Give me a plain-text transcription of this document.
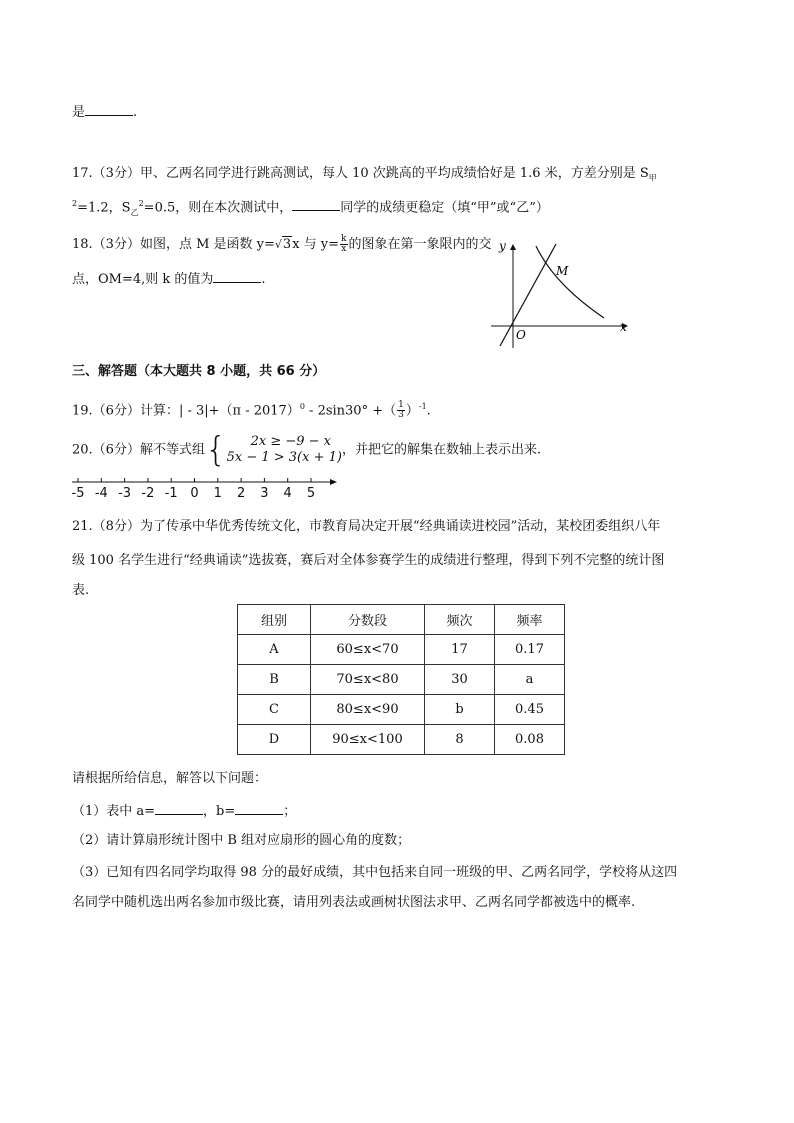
是	.
17.（3分）甲、乙两名同学进行跳高测试，每人 10 次跳高的平均成绩恰好是 1.6 米，方差分别是 $S_甲$
$^2$=1.2，$S_乙^2=0.5$，则在本次测试中，	同学的成绩更稳定（填“甲”或“乙”）
18.（3分）如图，点 M 是函数 y=√3x 与 $y= \frac{k}{x}$ 的图象在第一象限内的交
点，OM=4,则 k 的值为	.
y
x
O
M
三、解答题（本大题共 8 小题，共 66 分）
19.（6分）计算：| - 3|+（π - 2017）$^0$ - 2sin30° +（ $\frac{1}{3} )^{-1}$.
20.（6分）解不等式组{	2x ≥ −9 − x
5x − 1 > 3(x + 1) ，并把它的解集在数轴上表示出来.
-5 -4 -3 -2 -1 0 1 2 3 4 5
21.（8分）为了传承中华优秀传统文化，市教育局决定开展“经典诵读进校园”活动，某校团委组织八年
级 100 名学生进行“经典诵读”选拔赛，赛后对全体参赛学生的成绩进行整理，得到下列不完整的统计图
表.
组别	分数段	频次	频率
A	60≤x<70	17	0.17
B	70≤x<80	30	a
C	80≤x<90	b	0.45
D	90≤x<100	8	0.08
请根据所给信息，解答以下问题：
（1）表中 a=	，b=	；
（2）请计算扇形统计图中 B 组对应扇形的圆心角的度数；
（3）已知有四名同学均取得 98 分的最好成绩，其中包括来自同一班级的甲、乙两名同学，学校将从这四
名同学中随机选出两名参加市级比赛，请用列表法或画树状图法求甲、乙两名同学都被选中的概率.
